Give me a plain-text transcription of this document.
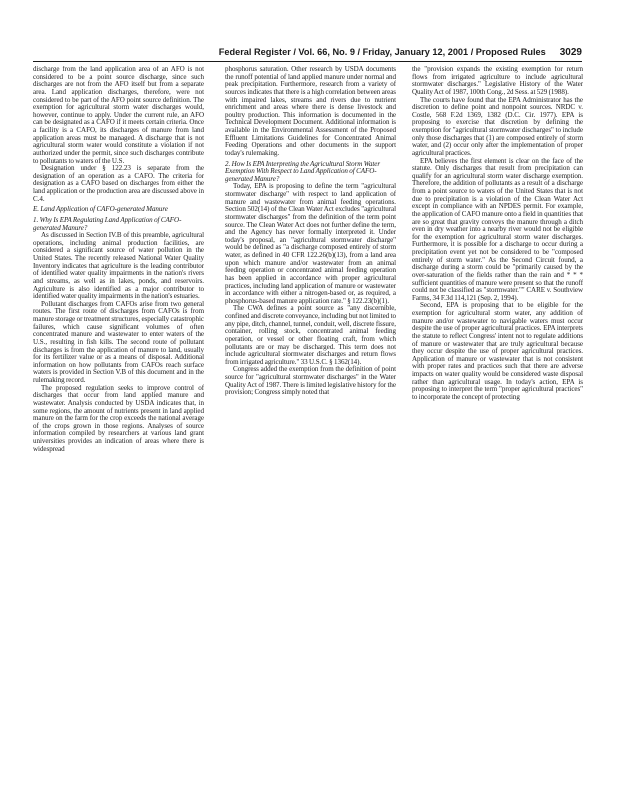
Federal Register / Vol. 66, No. 9 / Friday, January 12, 2001 / Proposed Rules 3029

discharge from the land application area of an AFO is not considered to be a point source discharge, since such discharges are not from the AFO itself but from a separate area. Land application discharges, therefore, were not considered to be part of the AFO point source definition. The exemption for agricultural storm water discharges would, however, continue to apply. Under the current rule, an AFO can be designated as a CAFO if it meets certain criteria. Once a facility is a CAFO, its discharges of manure from land application areas must be managed. A discharge that is not agricultural storm water would constitute a violation if not authorized under the permit, since such discharges contribute to pollutants to waters of the U.S.

Designation under § 122.23 is separate from the designation of an operation as a CAFO. The criteria for designation as a CAFO based on discharges from either the land application or the production area are discussed above in C.4.

E. Land Application of CAFO-generated Manure

1. Why Is EPA Regulating Land Application of CAFO-generated Manure?

As discussed in Section IV.B of this preamble, agricultural operations, including animal production facilities, are considered a significant source of water pollution in the United States. The recently released National Water Quality Inventory indicates that agriculture is the leading contributor of identified water quality impairments in the nation's rivers and streams, as well as in lakes, ponds, and reservoirs. Agriculture is also identified as a major contributor to identified water quality impairments in the nation's estuaries.

Pollutant discharges from CAFOs arise from two general routes. The first route of discharges from CAFOs is from manure storage or treatment structures, especially catastrophic failures, which cause significant volumes of often concentrated manure and wastewater to enter waters of the U.S., resulting in fish kills. The second route of pollutant discharges is from the application of manure to land, usually for its fertilizer value or as a means of disposal. Additional information on how pollutants from CAFOs reach surface waters is provided in Section V.B of this document and in the rulemaking record.

The proposed regulation seeks to improve control of discharges that occur from land applied manure and wastewater. Analysis conducted by USDA indicates that, in some regions, the amount of nutrients present in land applied manure on the farm for the crop exceeds the national average of the crops grown in those regions. Analyses of source information compiled by researchers at various land grant universities provides an indication of areas where there is widespread

phosphorus saturation. Other research by USDA documents the runoff potential of land applied manure under normal and peak precipitation. Furthermore, research from a variety of sources indicates that there is a high correlation between areas with impaired lakes, streams and rivers due to nutrient enrichment and areas where there is dense livestock and poultry production. This information is documented in the Technical Development Document. Additional information is available in the Environmental Assessment of the Proposed Effluent Limitations Guidelines for Concentrated Animal Feeding Operations and other documents in the support today's rulemaking.

2. How Is EPA Interpreting the Agricultural Storm Water Exemption With Respect to Land Application of CAFO-generated Manure?

Today, EPA is proposing to define the term "agricultural stormwater discharge" with respect to land application of manure and wastewater from animal feeding operations. Section 502(14) of the Clean Water Act excludes "agricultural stormwater discharges" from the definition of the term point source. The Clean Water Act does not further define the term, and the Agency has never formally interpreted it. Under today's proposal, an "agricultural stormwater discharge" would be defined as "a discharge composed entirely of storm water, as defined in 40 CFR 122.26(b)(13), from a land area upon which manure and/or wastewater from an animal feeding operation or concentrated animal feeding operation has been applied in accordance with proper agricultural practices, including land application of manure or wastewater in accordance with either a nitrogen-based or, as required, a phosphorus-based manure application rate." § 122.23(b)(1).

The CWA defines a point source as "any discernible, confined and discrete conveyance, including but not limited to any pipe, ditch, channel, tunnel, conduit, well, discrete fissure, container, rolling stock, concentrated animal feeding operation, or vessel or other floating craft, from which pollutants are or may be discharged. This term does not include agricultural stormwater discharges and return flows from irrigated agriculture." 33 U.S.C. § 1362(14).

Congress added the exemption from the definition of point source for "agricultural stormwater discharges" in the Water Quality Act of 1987. There is limited legislative history for the provision; Congress simply noted that

the "provision expands the existing exemption for return flows from irrigated agriculture to include agricultural stormwater discharges." Legislative History of the Water Quality Act of 1987, 100th Cong., 2d Sess. at 529 (1988).

The courts have found that the EPA Administrator has the discretion to define point and nonpoint sources. NRDC v. Costle, 568 F.2d 1369, 1382 (D.C. Cir. 1977). EPA is proposing to exercise that discretion by defining the exemption for "agricultural stormwater discharges" to include only those discharges that (1) are composed entirely of storm water, and (2) occur only after the implementation of proper agricultural practices.

EPA believes the first element is clear on the face of the statute. Only discharges that result from precipitation can qualify for an agricultural storm water discharge exemption. Therefore, the addition of pollutants as a result of a discharge from a point source to waters of the United States that is not due to precipitation is a violation of the Clean Water Act except in compliance with an NPDES permit. For example, the application of CAFO manure onto a field in quantities that are so great that gravity conveys the manure through a ditch even in dry weather into a nearby river would not be eligible for the exemption for agricultural storm water discharges. Furthermore, it is possible for a discharge to occur during a precipitation event yet not be considered to be "composed entirely of storm water." As the Second Circuit found, a discharge during a storm could be "primarily caused by the over-saturation of the fields rather than the rain and * * * sufficient quantities of manure were present so that the runoff could not be classified as "stormwater."" CARE v. Southview Farms, 34 F.3d 114,121 (Sep. 2, 1994).

Second, EPA is proposing that to be eligible for the exemption for agricultural storm water, any addition of manure and/or wastewater to navigable waters must occur despite the use of proper agricultural practices. EPA interprets the statute to reflect Congress' intent not to regulate additions of manure or wastewater that are truly agricultural because they occur despite the use of proper agricultural practices. Application of manure or wastewater that is not consistent with proper rates and practices such that there are adverse impacts on water quality would be considered waste disposal rather than agricultural usage. In today's action, EPA is proposing to interpret the term "proper agricultural practices" to incorporate the concept of protecting
